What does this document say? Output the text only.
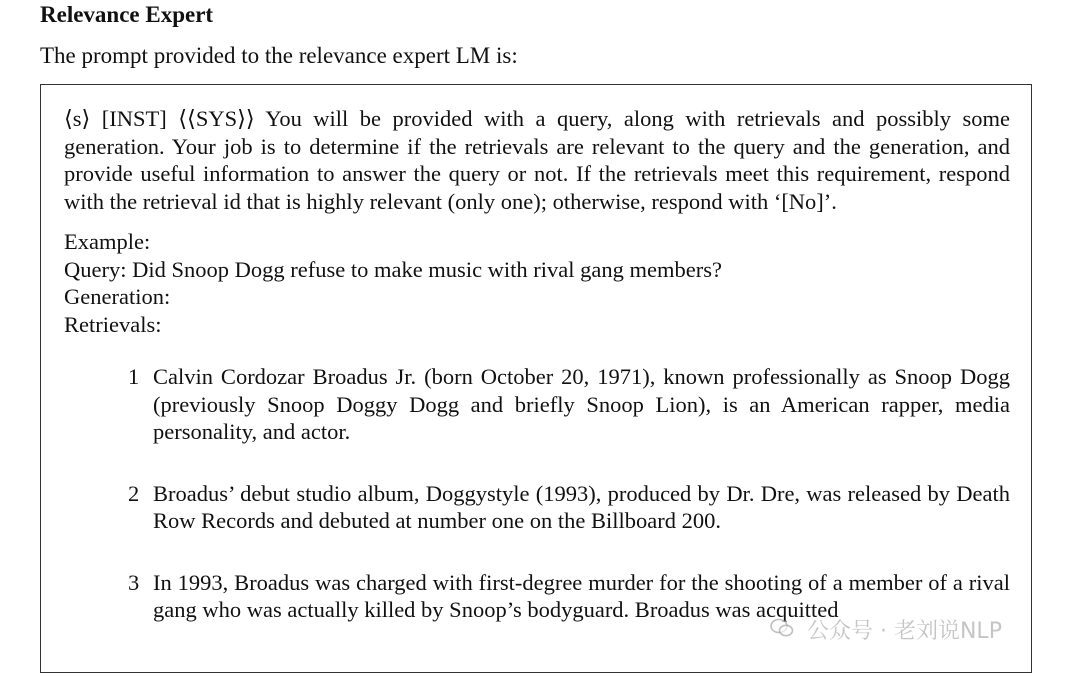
Relevance Expert
The prompt provided to the relevance expert LM is:

⟨s⟩ [INST] ⟨⟨SYS⟩⟩ You will be provided with a query, along with retrievals and possibly some generation. Your job is to determine if the retrievals are relevant to the query and the generation, and provide useful information to answer the query or not. If the retrievals meet this requirement, respond with the retrieval id that is highly relevant (only one); otherwise, respond with ‘[No]’.

Example:
Query: Did Snoop Dogg refuse to make music with rival gang members?
Generation:
Retrievals:
1 Calvin Cordozar Broadus Jr. (born October 20, 1971), known professionally as Snoop Dogg (previously Snoop Doggy Dogg and briefly Snoop Lion), is an American rapper, media personality, and actor.
2 Broadus’ debut studio album, Doggystyle (1993), produced by Dr. Dre, was released by Death Row Records and debuted at number one on the Billboard 200.
3 In 1993, Broadus was charged with first-degree murder for the shooting of a member of a rival gang who was actually killed by Snoop’s bodyguard. Broadus was acquitted
公众号 · 老刘说NLP
